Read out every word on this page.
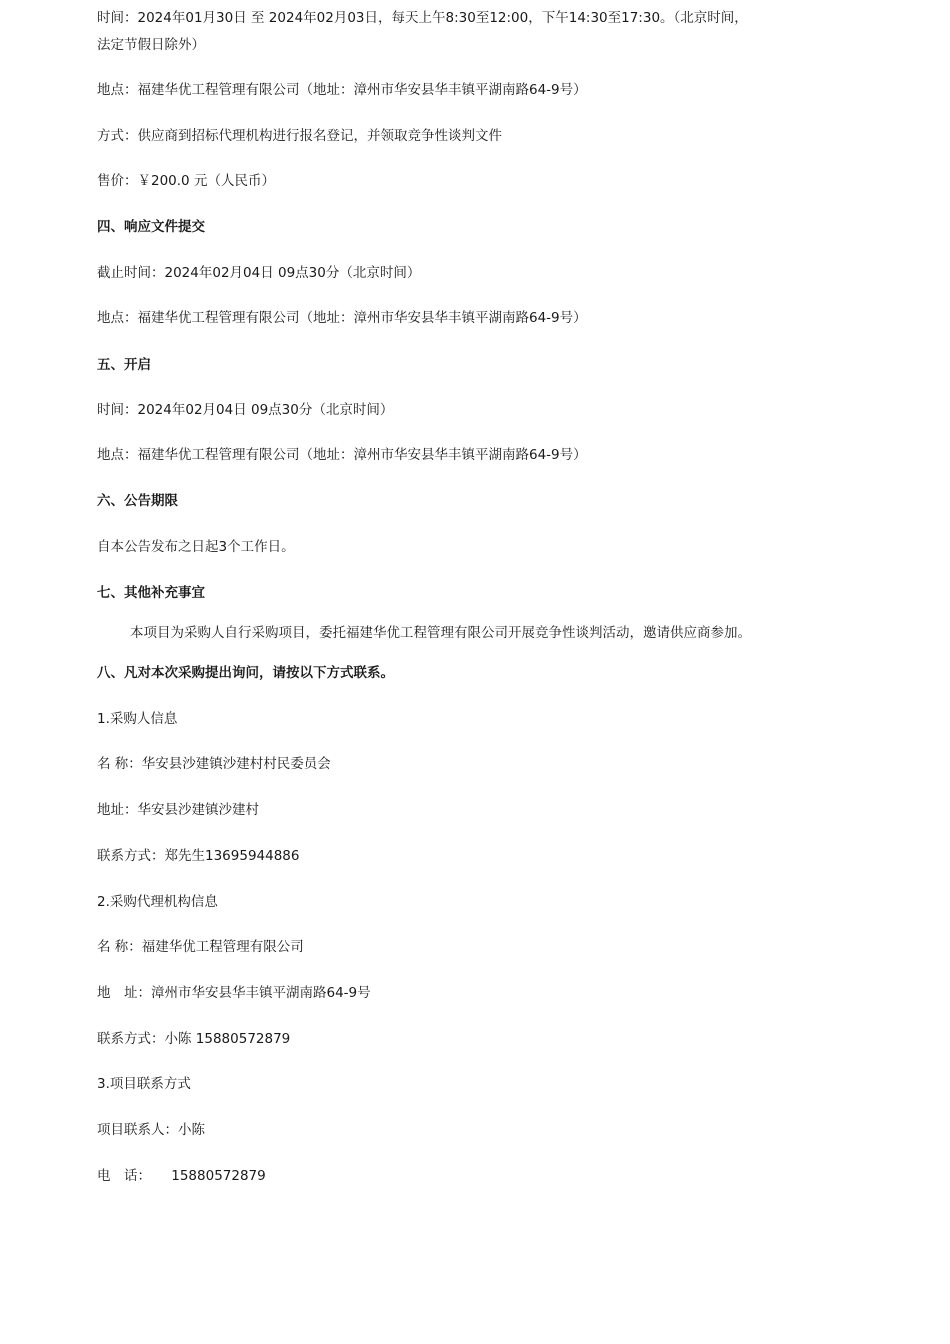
时间：2024年01月30日 至 2024年02月03日，每天上午8:30至12:00，下午14:30至17:30。（北京时间，法定节假日除外）
地点：福建华优工程管理有限公司（地址：漳州市华安县华丰镇平湖南路64-9号）
方式：供应商到招标代理机构进行报名登记，并领取竞争性谈判文件
售价：￥200.0 元（人民币）
四、响应文件提交
截止时间：2024年02月04日 09点30分（北京时间）
地点：福建华优工程管理有限公司（地址：漳州市华安县华丰镇平湖南路64-9号）
五、开启
时间：2024年02月04日 09点30分（北京时间）
地点：福建华优工程管理有限公司（地址：漳州市华安县华丰镇平湖南路64-9号）
六、公告期限
自本公告发布之日起3个工作日。
七、其他补充事宜
本项目为采购人自行采购项目，委托福建华优工程管理有限公司开展竞争性谈判活动，邀请供应商参加。
八、凡对本次采购提出询问，请按以下方式联系。
1.采购人信息
名 称：华安县沙建镇沙建村村民委员会
地址：华安县沙建镇沙建村
联系方式：郑先生13695944886
2.采购代理机构信息
名 称：福建华优工程管理有限公司
地　址：漳州市华安县华丰镇平湖南路64-9号
联系方式：小陈 15880572879
3.项目联系方式
项目联系人：小陈
电　话：　　15880572879
